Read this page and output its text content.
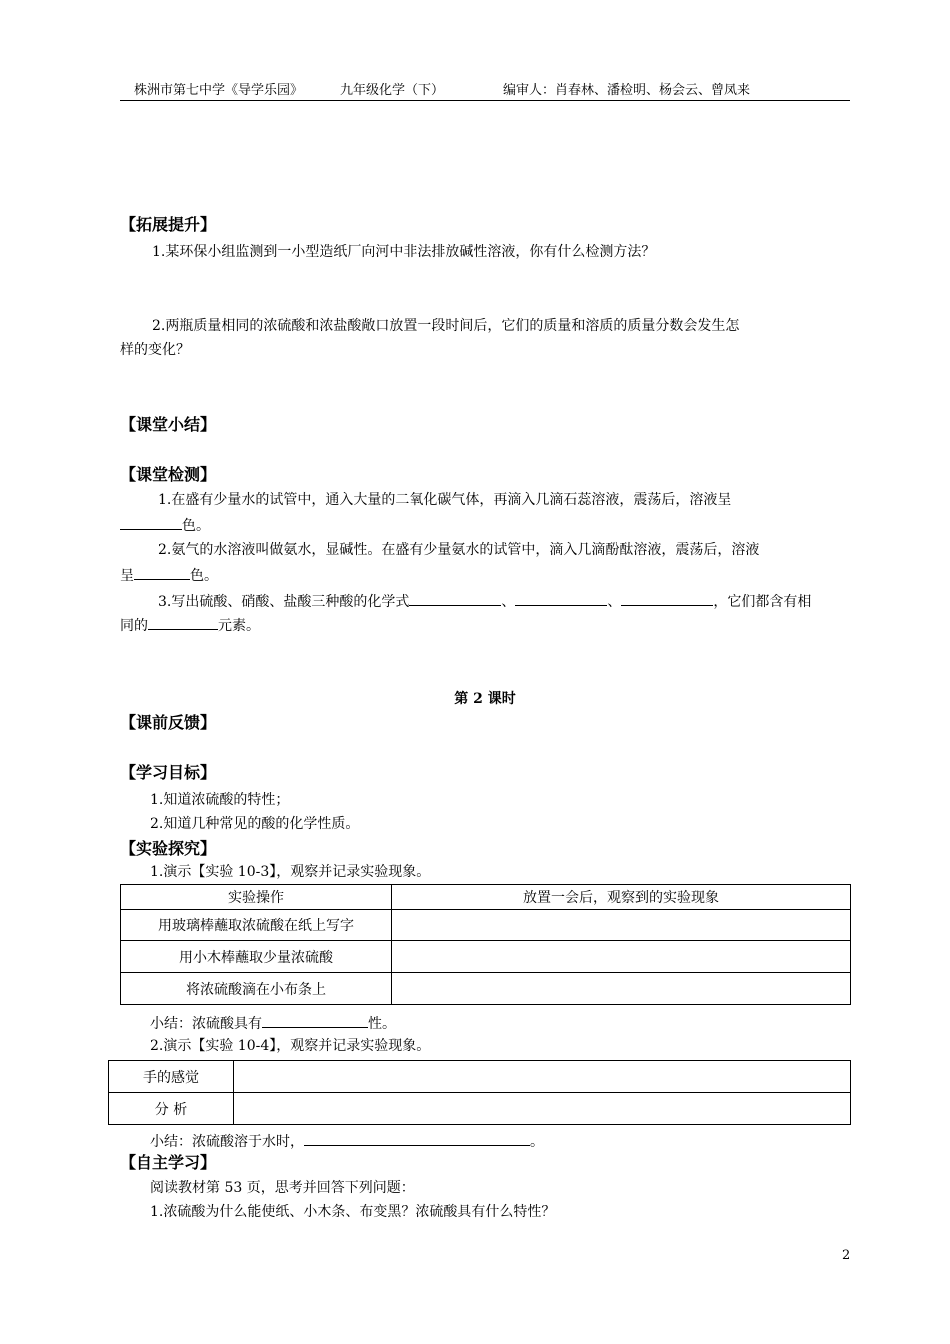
株洲市第七中学《导学乐园》	九年级化学（下）	编审人：肖春林、潘检明、杨会云、曾凤来
【拓展提升】
1.某环保小组监测到一小型造纸厂向河中非法排放碱性溶液，你有什么检测方法？
2.两瓶质量相同的浓硫酸和浓盐酸敞口放置一段时间后，它们的质量和溶质的质量分数会发生怎
样的变化？
【课堂小结】
【课堂检测】
1.在盛有少量水的试管中，通入大量的二氧化碳气体，再滴入几滴石蕊溶液，震荡后，溶液呈
色。
2.氨气的水溶液叫做氨水，显碱性。在盛有少量氨水的试管中，滴入几滴酚酞溶液，震荡后，溶液
呈	色。
3.写出硫酸、硝酸、盐酸三种酸的化学式	、	、	，它们都含有相
同的	元素。
第 2 课时
【课前反馈】
【学习目标】
1.知道浓硫酸的特性；
2.知道几种常见的酸的化学性质。
【实验探究】
1.演示【实验 10-3】，观察并记录实验现象。
实验操作	放置一会后，观察到的实验现象
用玻璃棒蘸取浓硫酸在纸上写字	
用小木棒蘸取少量浓硫酸	
将浓硫酸滴在小布条上	
小结：浓硫酸具有	性。
2.演示【实验 10-4】，观察并记录实验现象。
手的感觉	
分 析	
小结：浓硫酸溶于水时，	。
【自主学习】
阅读教材第 53 页，思考并回答下列问题：
1.浓硫酸为什么能使纸、小木条、布变黑？浓硫酸具有什么特性？
2
